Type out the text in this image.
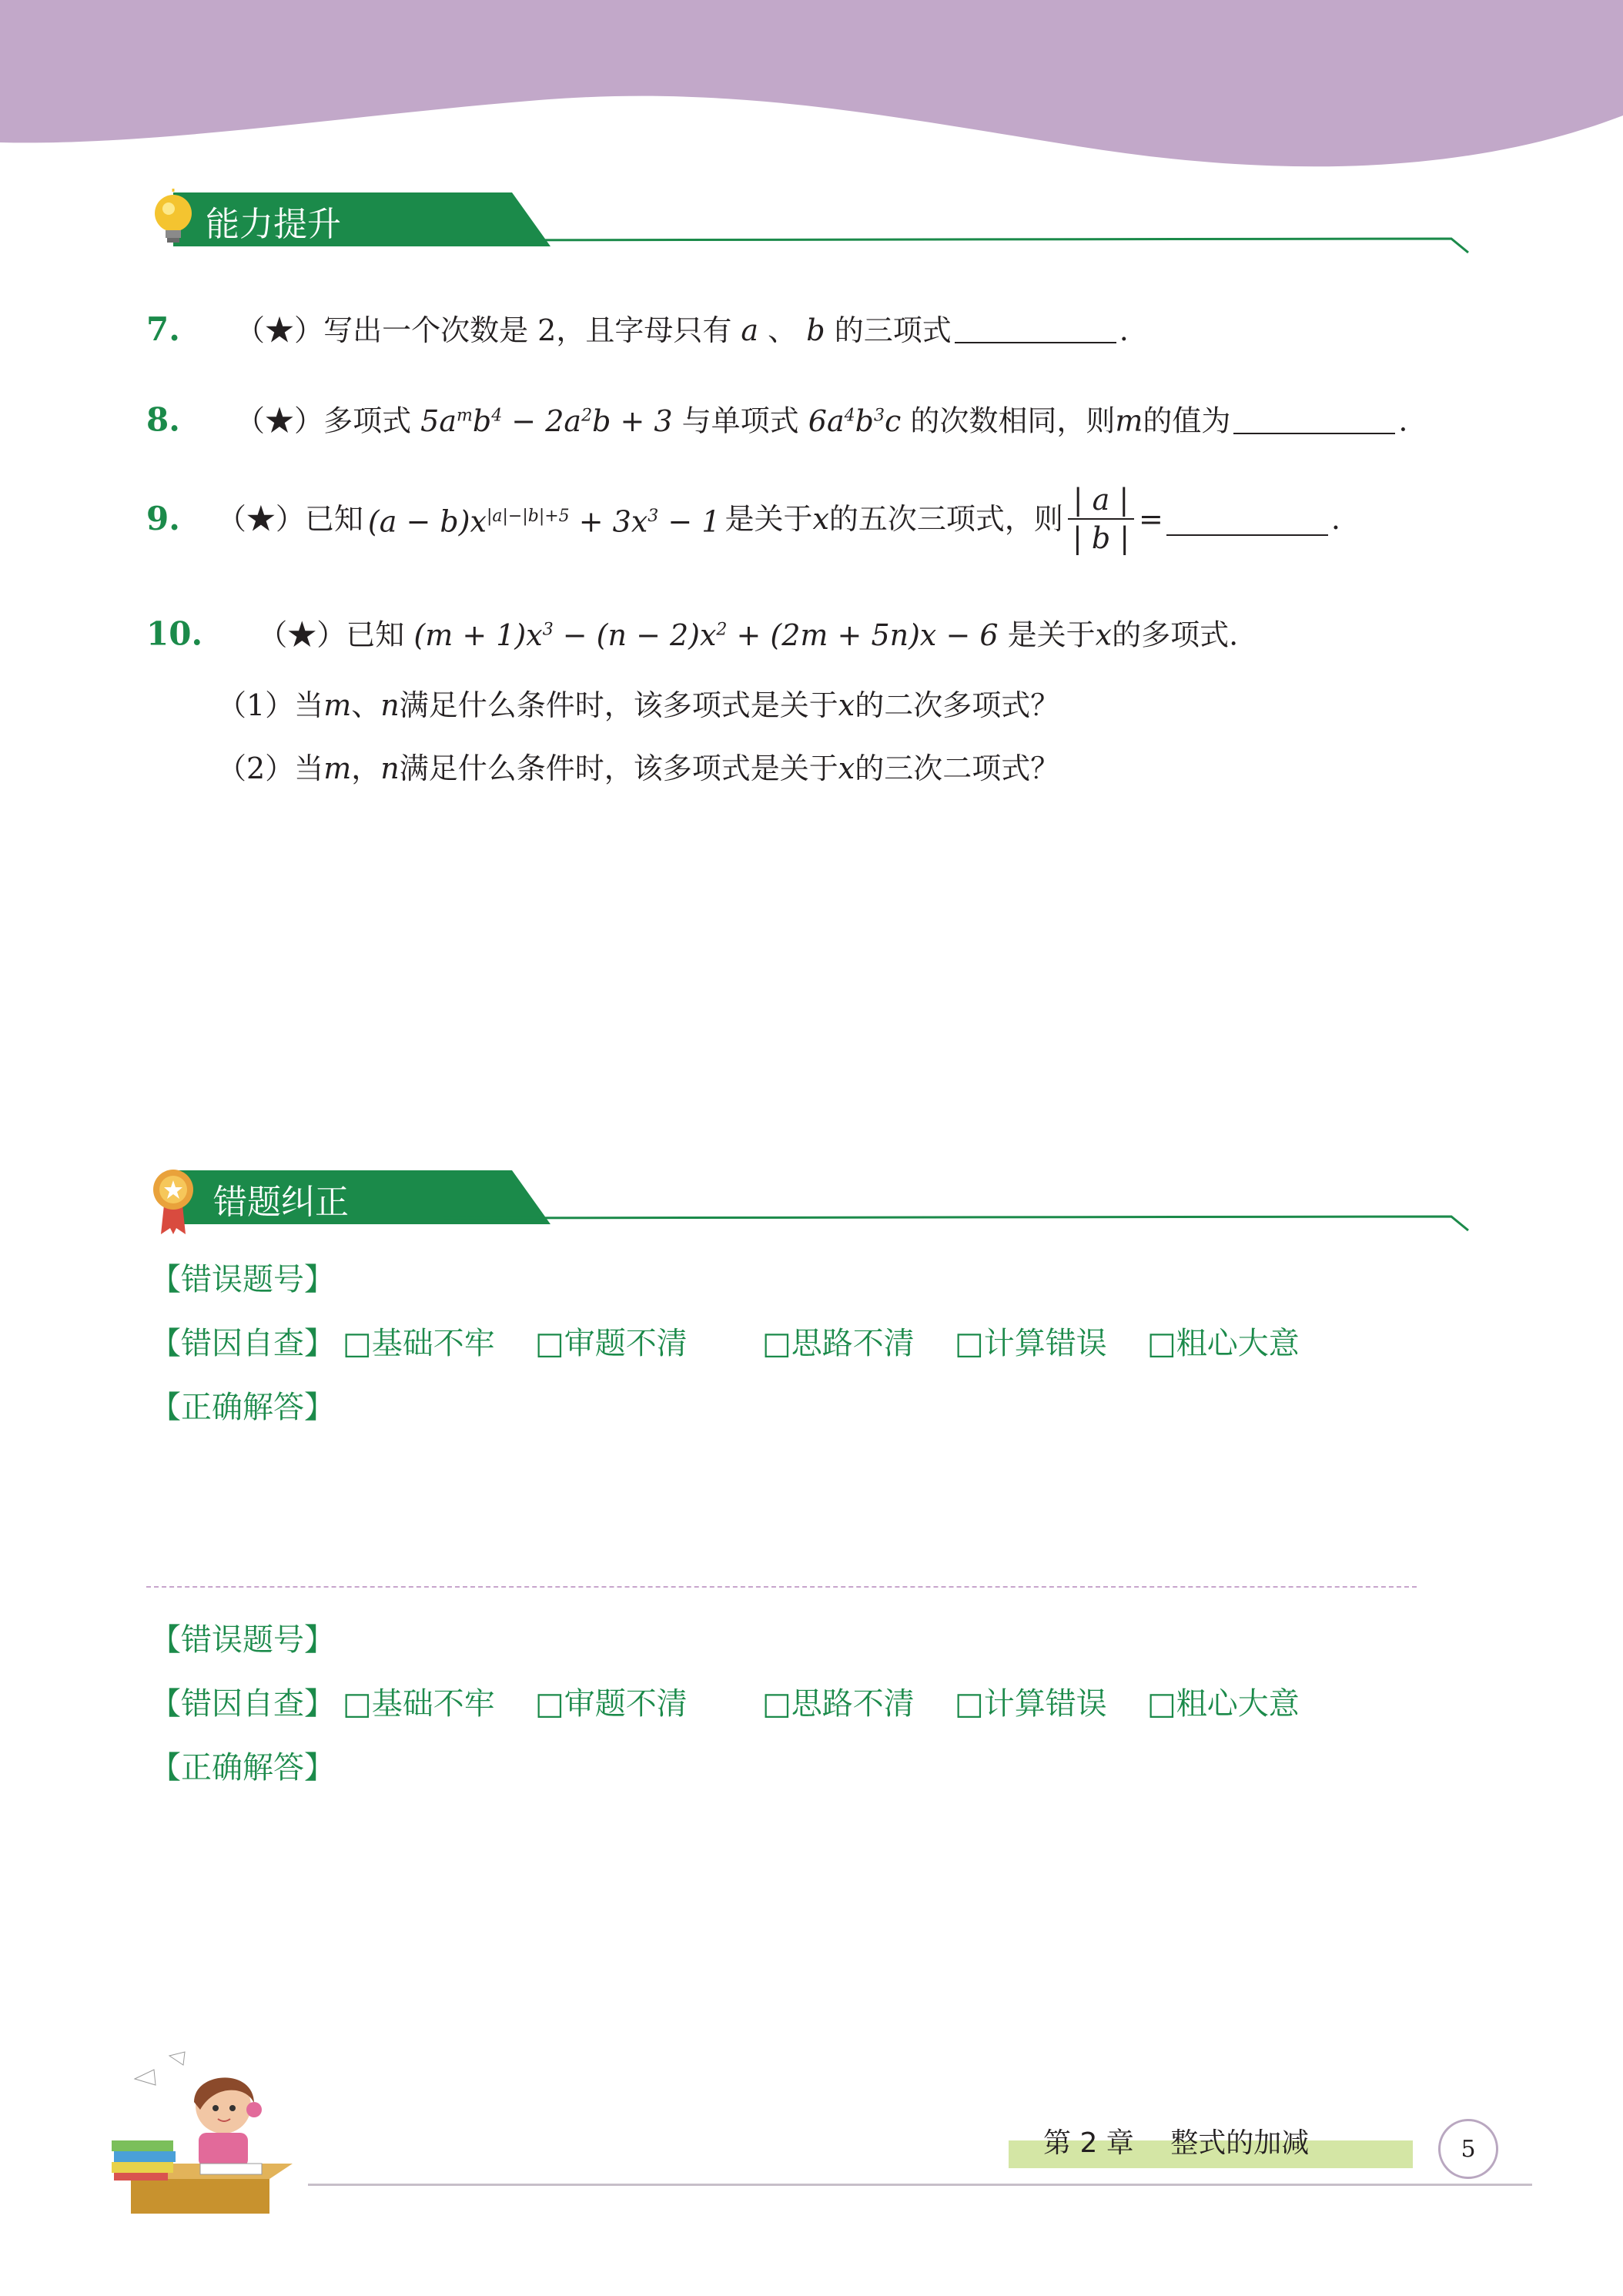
能力提升
7. （★）写出一个次数是 2，且字母只有 a 、 b 的三项式	.
8. （★）多项式 $5a^mb^4 - 2a^2b + 3$ 与单项式 $6a^4b^3c$ 的次数相同，则m的值为	.
9. （★） 已知 $(a - b)x^{|a|-|b|+5} + 3x^3 - 1$ 是关于 x 的五次三项式，则 $\frac{| a |}{| b |}$ =	.
10. （★）已知 $(m + 1)x^3 - (n - 2)x^2 + (2m + 5n)x - 6$ 是关于x的多项式.
（1）当m、n满足什么条件时，该多项式是关于x的二次多项式？
（2）当m，n满足什么条件时，该多项式是关于x的三次二项式？
错题纠正
【错误题号】
【错因自查】 □基础不牢 □审题不清 □思路不清 □计算错误 □粗心大意
【正确解答】
【错误题号】
【错因自查】 □基础不牢 □审题不清 □思路不清 □计算错误 □粗心大意
【正确解答】
第 2 章　 整式的加减	5
